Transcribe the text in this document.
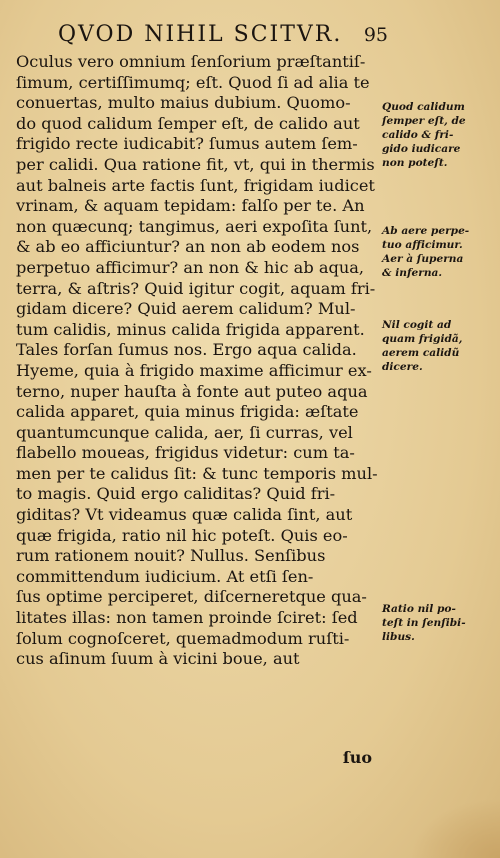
QVOD NIHIL SCITVR. 95
Oculus vero omnium ſenſorium præſtantiſ-
ſimum, certiſſimumq; eſt. Quod ſi ad alia te
conuertas, multo maius dubium. Quomo-
do quod calidum ſemper eſt, de calido aut
frigido recte iudicabit? ſumus autem ſem-
per calidi. Qua ratione fit, vt, qui in thermis
aut balneis arte factis ſunt, frigidam iudicet
vrinam, & aquam tepidam: falſo per te. An
non quæcunq; tangimus, aeri expoſita ſunt,
& ab eo afficiuntur? an non ab eodem nos
perpetuo afficimur? an non & hic ab aqua,
terra, & aſtris? Quid igitur cogit, aquam fri-
gidam dicere? Quid aerem calidum? Mul-
tum calidis, minus calida frigida apparent.
Tales forſan ſumus nos. Ergo aqua calida.
Hyeme, quia à frigido maxime afficimur ex-
terno, nuper hauſta à fonte aut puteo aqua
calida apparet, quia minus frigida: æſtate
quantumcunque calida, aer, ſi curras, vel
flabello moueas, frigidus videtur: cum ta-
men per te calidus ſit: & tunc temporis mul-
to magis. Quid ergo caliditas? Quid fri-
giditas? Vt videamus quæ calida ſint, aut
quæ frigida, ratio nil hic poteſt. Quis eo-
rum rationem nouit? Nullus. Senſibus
committendum iudicium. At etſi ſen-
ſus optime perciperet, diſcerneretque qua-
litates illas: non tamen proinde ſciret: ſed
ſolum cognoſceret, quemadmodum ruſti-
cus aſinum ſuum à vicini boue, aut
ſuo
Quod calidum
ſemper eſt, de
calido & fri-
gido iudicare
non poteſt.
Ab aere perpe-
tuo afficimur.
Aer à ſuperna
& inferna.
Nil cogit ad
quam frigidã,
aerem calidũ
dicere.
Ratio nil po-
teſt in ſenſibi-
libus.
